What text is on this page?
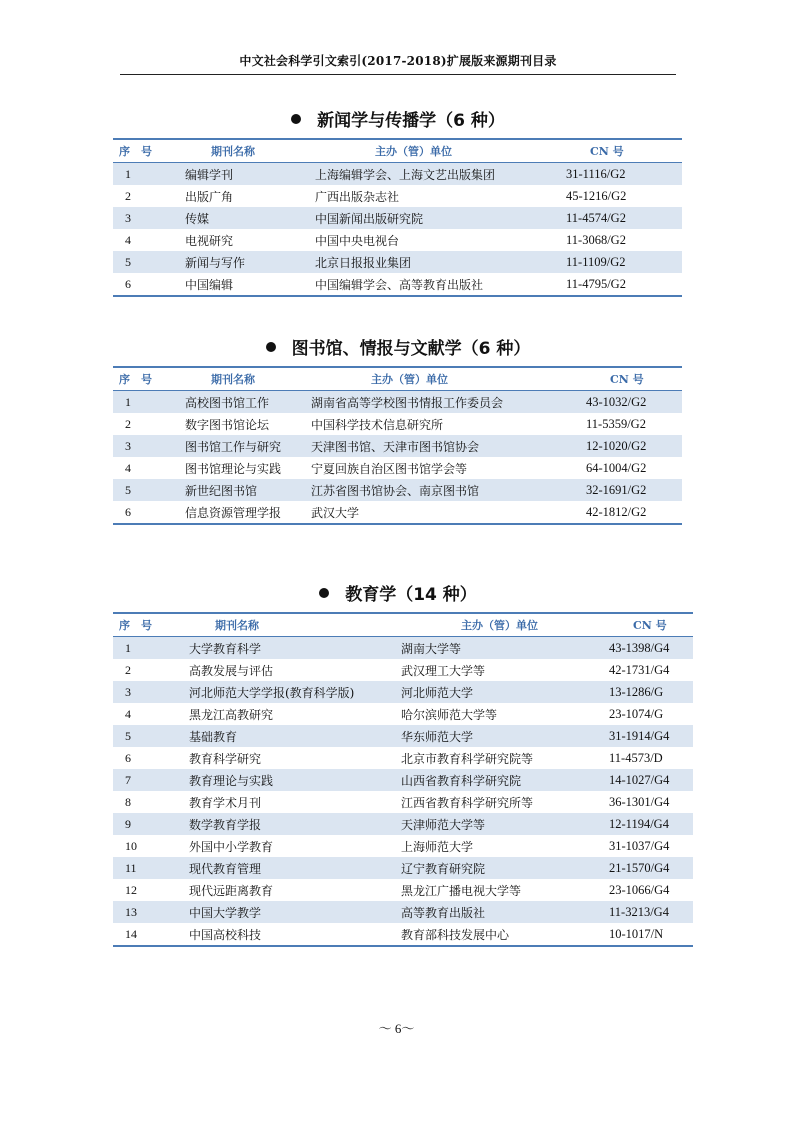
中文社会科学引文索引(2017-2018)扩展版来源期刊目录
新闻学与传播学（6 种）
序　号	期刊名称	主办（管）单位	CN 号
1	编辑学刊	上海编辑学会、上海文艺出版集团	31-1116/G2
2	出版广角	广西出版杂志社	45-1216/G2
3	传媒	中国新闻出版研究院	11-4574/G2
4	电视研究	中国中央电视台	11-3068/G2
5	新闻与写作	北京日报报业集团	11-1109/G2
6	中国编辑	中国编辑学会、高等教育出版社	11-4795/G2
图书馆、情报与文献学（6 种）
序　号	期刊名称	主办（管）单位	CN 号
1	高校图书馆工作	湖南省高等学校图书情报工作委员会	43-1032/G2
2	数字图书馆论坛	中国科学技术信息研究所	11-5359/G2
3	图书馆工作与研究	天津图书馆、天津市图书馆协会	12-1020/G2
4	图书馆理论与实践	宁夏回族自治区图书馆学会等	64-1004/G2
5	新世纪图书馆	江苏省图书馆协会、南京图书馆	32-1691/G2
6	信息资源管理学报	武汉大学	42-1812/G2
教育学（14 种）
序　号	期刊名称	主办（管）单位	CN 号
1	大学教育科学	湖南大学等	43-1398/G4
2	高教发展与评估	武汉理工大学等	42-1731/G4
3	河北师范大学学报(教育科学版)	河北师范大学	13-1286/G
4	黑龙江高教研究	哈尔滨师范大学等	23-1074/G
5	基础教育	华东师范大学	31-1914/G4
6	教育科学研究	北京市教育科学研究院等	11-4573/D
7	教育理论与实践	山西省教育科学研究院	14-1027/G4
8	教育学术月刊	江西省教育科学研究所等	36-1301/G4
9	数学教育学报	天津师范大学等	12-1194/G4
10	外国中小学教育	上海师范大学	31-1037/G4
11	现代教育管理	辽宁教育研究院	21-1570/G4
12	现代远距离教育	黑龙江广播电视大学等	23-1066/G4
13	中国大学教学	高等教育出版社	11-3213/G4
14	中国高校科技	教育部科技发展中心	10-1017/N
～ 6～
